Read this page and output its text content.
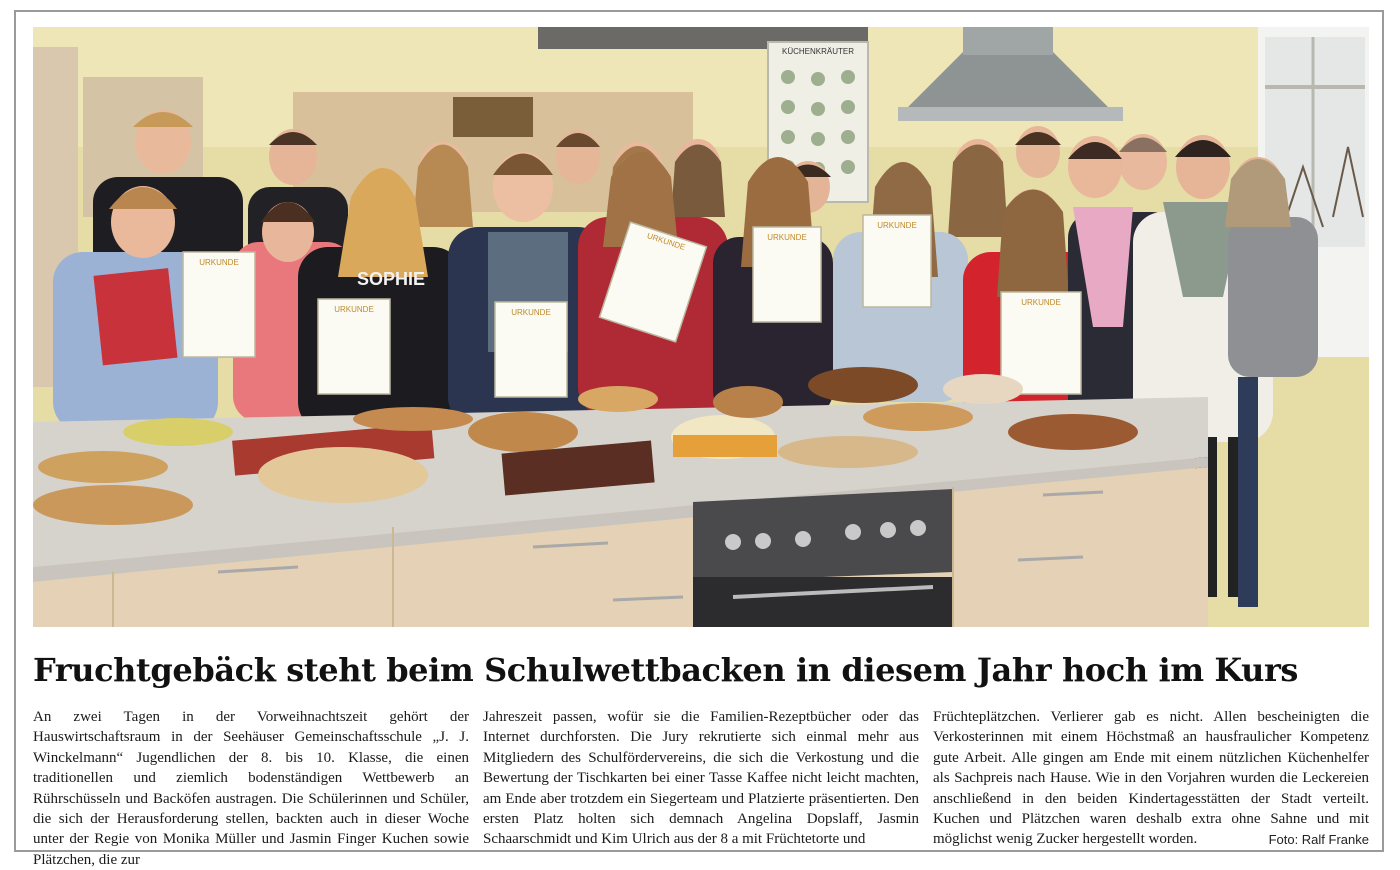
KÜCHENKRÄUTER
SOPHIE
URKUNDE
URKUNDE	URKUNDE
URKUNDE	URKUNDE
URKUNDE
URKUNDE
Fruchtgebäck steht beim Schulwettbacken in diesem Jahr hoch im Kurs

An zwei Tagen in der Vorweihnachtszeit gehört der Hauswirtschaftsraum in der Seehäuser Gemeinschaftsschule „J. J. Winckelmann“ Jugendlichen der 8. bis 10. Klasse, die einen traditionellen und ziemlich bodenständigen Wettbewerb an Rührschüsseln und Backöfen austragen. Die Schülerinnen und Schüler, die sich der Herausforderung stellen, backten auch in dieser Woche unter der Regie von Monika Müller und Jasmin Finger Kuchen sowie Plätzchen, die zur

Jahreszeit passen, wofür sie die Familien-Rezeptbücher oder das Internet durchforsten. Die Jury rekrutierte sich einmal mehr aus Mitgliedern des Schulfördervereins, die sich die Verkostung und die Bewertung der Tischkarten bei einer Tasse Kaffee nicht leicht machten, am Ende aber trotzdem ein Siegerteam und Platzierte präsentierten. Den ersten Platz holten sich demnach Angelina Dopslaff, Jasmin Schaarschmidt und Kim Ulrich aus der 8 a mit Früchtetorte und

Früchteplätzchen. Verlierer gab es nicht. Allen bescheinigten die Verkosterinnen mit einem Höchstmaß an hausfraulicher Kompetenz gute Arbeit. Alle gingen am Ende mit einem nützlichen Küchenhelfer als Sachpreis nach Hause. Wie in den Vorjahren wurden die Leckereien anschließend in den beiden Kindertagesstätten der Stadt verteilt. Kuchen und Plätzchen waren deshalb extra ohne Sahne und mit möglichst wenig Zucker hergestellt worden.	Foto: Ralf Franke
